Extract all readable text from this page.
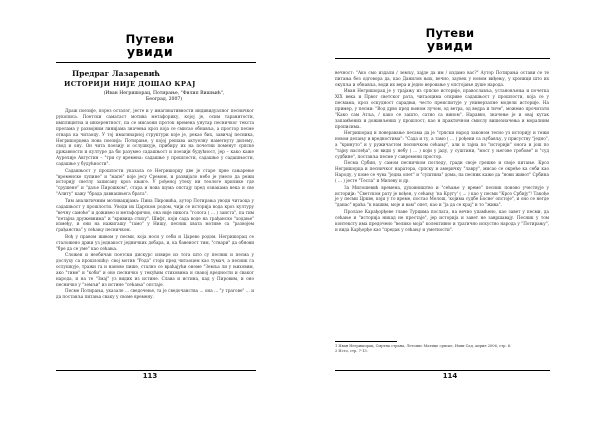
Путеви
увиди
Предраг Лазаревић
ИСТОРИЈИ НИЈЕ ДОШАО КРАЈ
(Иван Негришорац, Потирање, "Филип Вишњић",
Београд, 2007)

Драж поезије, порез осталог, јесте и у имагинативности индивидуалног песничког рукописа. Поетски саматаст мотива метафорику, којој је, осим таранитости, имплицитна и инхерентност, па се мисаони проток времена унутар песничког текста прелама у развојним линијама значења кроз која се смисао обнавља, а простор песме отвара ка читаоцу. У тој имагинарној структури које је, рекао бих, завичај песника, Негришорцева нова поезија: Потирање, у којој решава актуелну наметнуту дилему, свод и ону. Он чита поезију и ослушкује, прибиру их на почетни поменут српске државности и културе да би разумео садашњост и поезији будућност, јер – како каже Аурелије Августин – "три су времена: садашње у прошлости, садашње у садашњости, садашње у будућности".

Садашњост у прошлости указала се Негришорцу две је старе прве сањарење "временске лупине" и "мапе" које јесу Сремом, и развијало небо је умело да режи историју светлу записану кроз књиге. У рођеној утеху ни теологе прилике где "срушене" и "даље Пирошком", стара и нова шума опстају пред ознакама века и све "Алиту" кажу "брада давнашњега брата".

Тим аналитичним мотивацијама: Пина Пировића, аутор Потирања уводи читаоца у садашњост у прошлости. Уводи их Царском родом, чији се историја вода кроз културу "вечну самоће" и доживео и метафорично, она није никога "голога ( ... ) заиста", па тим "петајна дружевнима" и "кривица стиху". Шифт, који сада воде на грађанско "ходање" између, и они на нажигашу "тамо" у Нишу, песник хвата мотиве са "развојем грађанства" у сећању песничком.

Вођ у правом живом у песми, која носи у себи и Царево родом. Негришорац се сталожено држи уз једнакост једничких добара, и, ка бавеност тим, "ствари" да обнови "бре да се уме" као сећања.

Сложен и необичан поетски дискурс извире из тога што су песник и песма у дослуху са прошлошћу: свој мотив "Рода" стоји пред читаоцем као тумач, а песник га ослушкује, тражи га и наново пише, стално се враћајући ономе "Земља ли у њиховим, ако "тиме" и "коби" и оно песничко у текућим стиховима и свакој вредности и сваког народа, и на те "Змај" уз видик из истине. Слава и истина, кад у Пировим, и оно песничко у "земљи" из истине "сећања" опстаје.

Песме Потирања, указале ... сведочење, та је сведочанства ... она ... "у трагове" ... и да поставља питања сваку у своме времену.

113
Путеви
увиди

вечност: "Ако смо издали / земљу, хајде да им / издамо вас?" Аутор Потирања остави се те питања без одговора да, као Данилов њих, вечно, заувек у новом виђењу, у хроници што их окупља и обнавља, води их вера и једно веровање у опстојање душе народа.

Иван Негришорац је у трајању из српске историје, православља, установљења и почетка XIX века и Првог светског рата, читаоцима откриве садашњост у прошлости, која се у песмама, кроз оскудност сарадњи, често преиспитује у универзалне модели историје. На пример, у песми: "Вод дрво пред њеном лучом, од ветра, од ведра и тиче", можемо прочитати "Како сам Атља, / како се зашто, сатно са вином". Наравно, значење је и овај кутак запамћених и доживљених у прошлост, као и практичном смислу вишезначења и моралним прописима.

Негришорац и поверавање песама да је "српски народ законом тесно уз историју и тежи новом делању и вредностима": "Сада и ту, а тамо ( ... ) рођени са љубављу, у присуству "једно", а "кринуто" и у ружичастом песничком сећању", али и тајна по "историји" онога и још по "тајну наслеђа", он види у небу ( ... ) који у јаду, у суштини, "мост у његове гробове" и "суд судбине", поставља песме у савремени простор.

Песма Србин, у самом песничком погледу, гради своје грешке и своје питање. Кроз Негришорца и песничког наратора, српску и америчку "лавру", мисао се окреће ка себи као Народу, у коме се чува "једна опет" и "суштина" дома, па песник каже да "нови живот" Србина ( ... ) јесте "Тесла" и Милеву и др.

За Милошевић времена, духовништво и "сећање у време" песник поново учествује у историји: "Светском рату је вођен, у сећању 'на Кругу' ( ... ) као у песми "Кроз Србију"! Такође је у песми Цркве, који у то време, постао Мелош, 'којима судбе Босне' опстоје", и оно се негде "данас" враћа "к нашим, моје и вам" опет, као и "ја да се крај" и то "жива".

Пролазе Карађорђеве главе Турцима послатa, на вечно упамћено, као завет у песми, да сећање и "историја никад не престаје", јер историја и завет не завршавају. Песник у том контексту има предочено "велико моја" колективно и трагично искуство народа у "Потирању", и вида Карђорђе као "предак у сећању и уметности".

1 Иван Негришорац, Смртна страна, Летопис Матице српске, Нови Сад, април 2006, стр. 6.
2 Исто, стр. 7-13.
114
